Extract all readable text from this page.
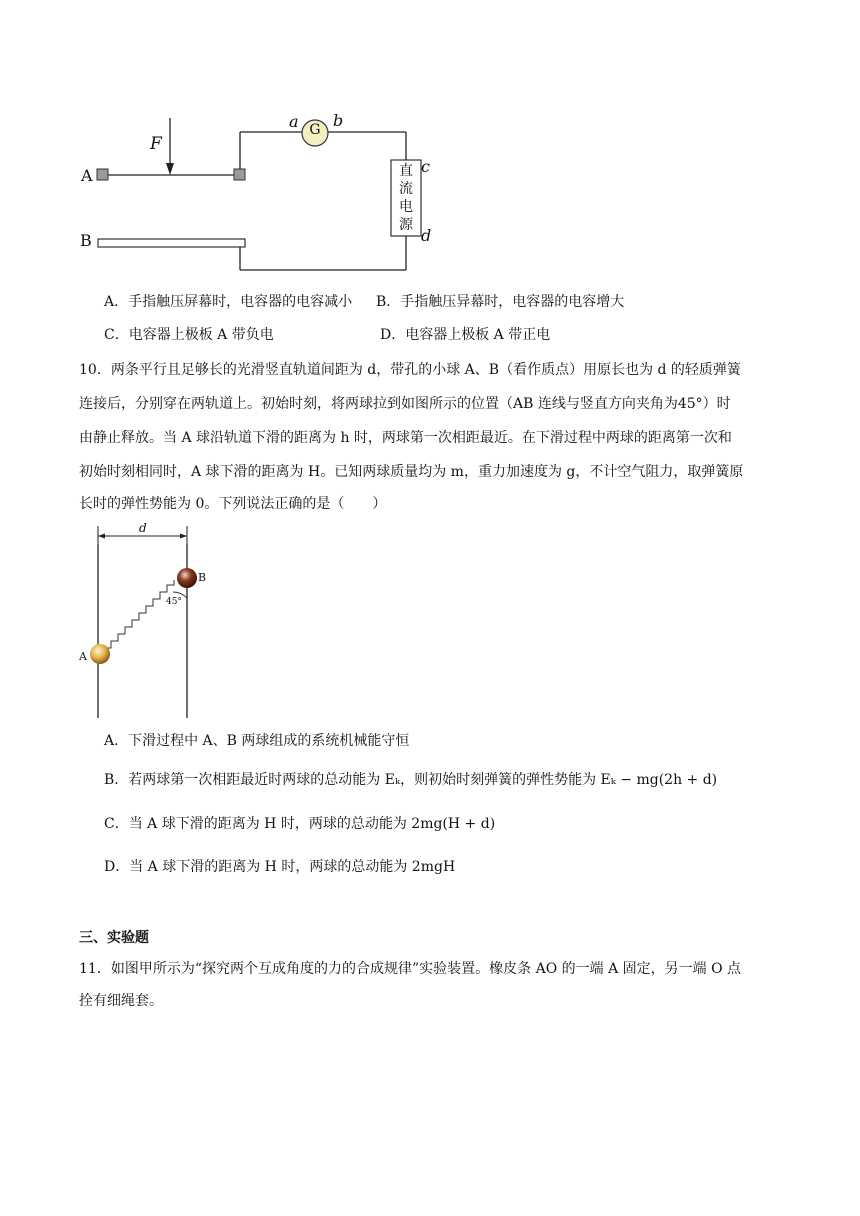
F
A
B
a G b
c
d
直
流
电
源
A．手指触压屏幕时，电容器的电容减小 B．手指触压异幕时，电容器的电容增大
C．电容器上极板 A 带负电	D．电容器上极板 A 带正电
10．两条平行且足够长的光滑竖直轨道间距为 d，带孔的小球 A、B（看作质点）用原长也为 d 的轻质弹簧
连接后，分别穿在两轨道上。初始时刻，将两球拉到如图所示的位置（AB 连线与竖直方向夹角为45°）时
由静止释放。当 A 球沿轨道下滑的距离为 h 时，两球第一次相距最近。在下滑过程中两球的距离第一次和
初始时刻相同时，A 球下滑的距离为 H。已知两球质量均为 m，重力加速度为 g，不计空气阻力，取弹簧原
长时的弹性势能为 0。下列说法正确的是（　　）
d
A
B
45°
A．下滑过程中 A、B 两球组成的系统机械能守恒
B．若两球第一次相距最近时两球的总动能为 Eₖ，则初始时刻弹簧的弹性势能为 Eₖ − mg(2h + d)
C．当 A 球下滑的距离为 H 时，两球的总动能为 2mg(H + d)
D．当 A 球下滑的距离为 H 时，两球的总动能为 2mgH
三、实验题
11．如图甲所示为“探究两个互成角度的力的合成规律”实验装置。橡皮条 AO 的一端 A 固定，另一端 O 点
拴有细绳套。
